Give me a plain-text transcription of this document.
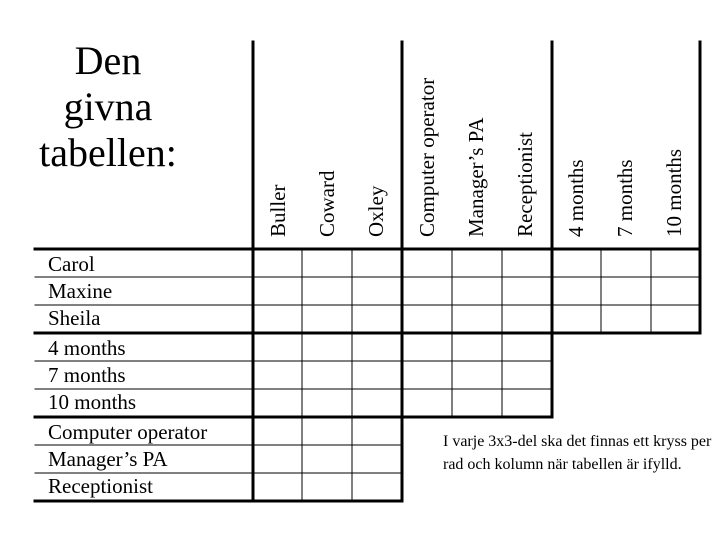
Den
givna
tabellen:
Buller Coward Oxley Computer operator Manager’s PA Receptionist 4 months 7 months 10 months
Carol
Maxine
Sheila
4 months
7 months
10 months
Computer operator
Manager’s PA
Receptionist
I varje 3x3-del ska det finnas ett kryss per rad och kolumn när tabellen är ifylld.
